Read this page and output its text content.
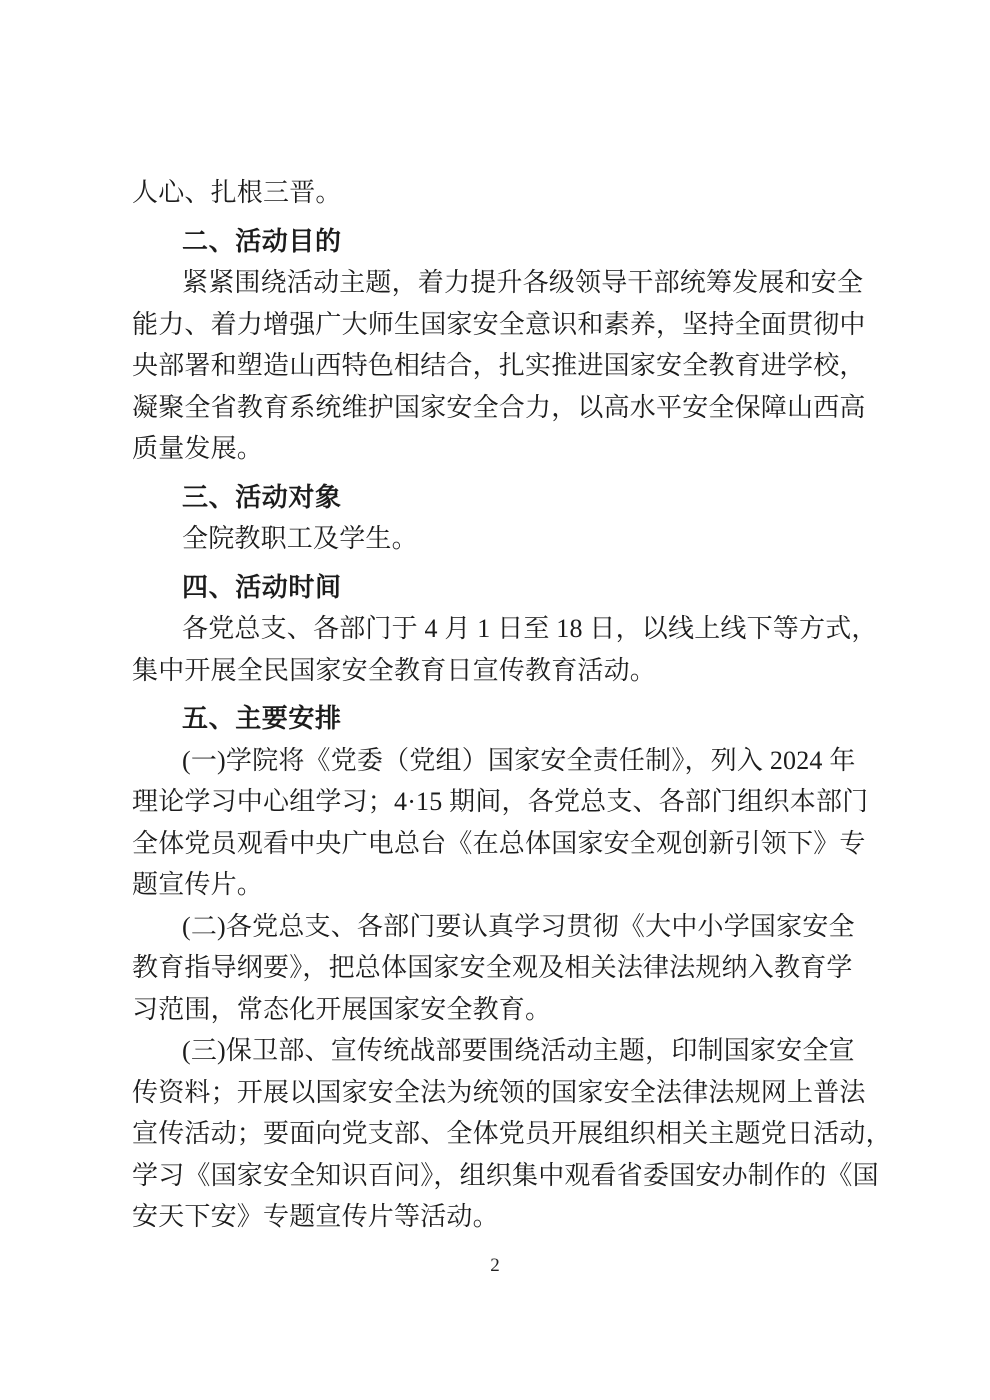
人心、扎根三晋。
二、活动目的
紧紧围绕活动主题，着力提升各级领导干部统筹发展和安全
能力、着力增强广大师生国家安全意识和素养，坚持全面贯彻中
央部署和塑造山西特色相结合，扎实推进国家安全教育进学校，
凝聚全省教育系统维护国家安全合力，以高水平安全保障山西高
质量发展。
三、活动对象
全院教职工及学生。
四、活动时间
各党总支、各部门于 4 月 1 日至 18 日，以线上线下等方式，
集中开展全民国家安全教育日宣传教育活动。
五、主要安排
(一)学院将《党委（党组）国家安全责任制》，列入 2024 年
理论学习中心组学习；4·15 期间，各党总支、各部门组织本部门
全体党员观看中央广电总台《在总体国家安全观创新引领下》专
题宣传片。
(二)各党总支、各部门要认真学习贯彻《大中小学国家安全
教育指导纲要》，把总体国家安全观及相关法律法规纳入教育学
习范围，常态化开展国家安全教育。
(三)保卫部、宣传统战部要围绕活动主题，印制国家安全宣
传资料；开展以国家安全法为统领的国家安全法律法规网上普法
宣传活动；要面向党支部、全体党员开展组织相关主题党日活动，
学习《国家安全知识百问》，组织集中观看省委国安办制作的《国
安天下安》专题宣传片等活动。
2
